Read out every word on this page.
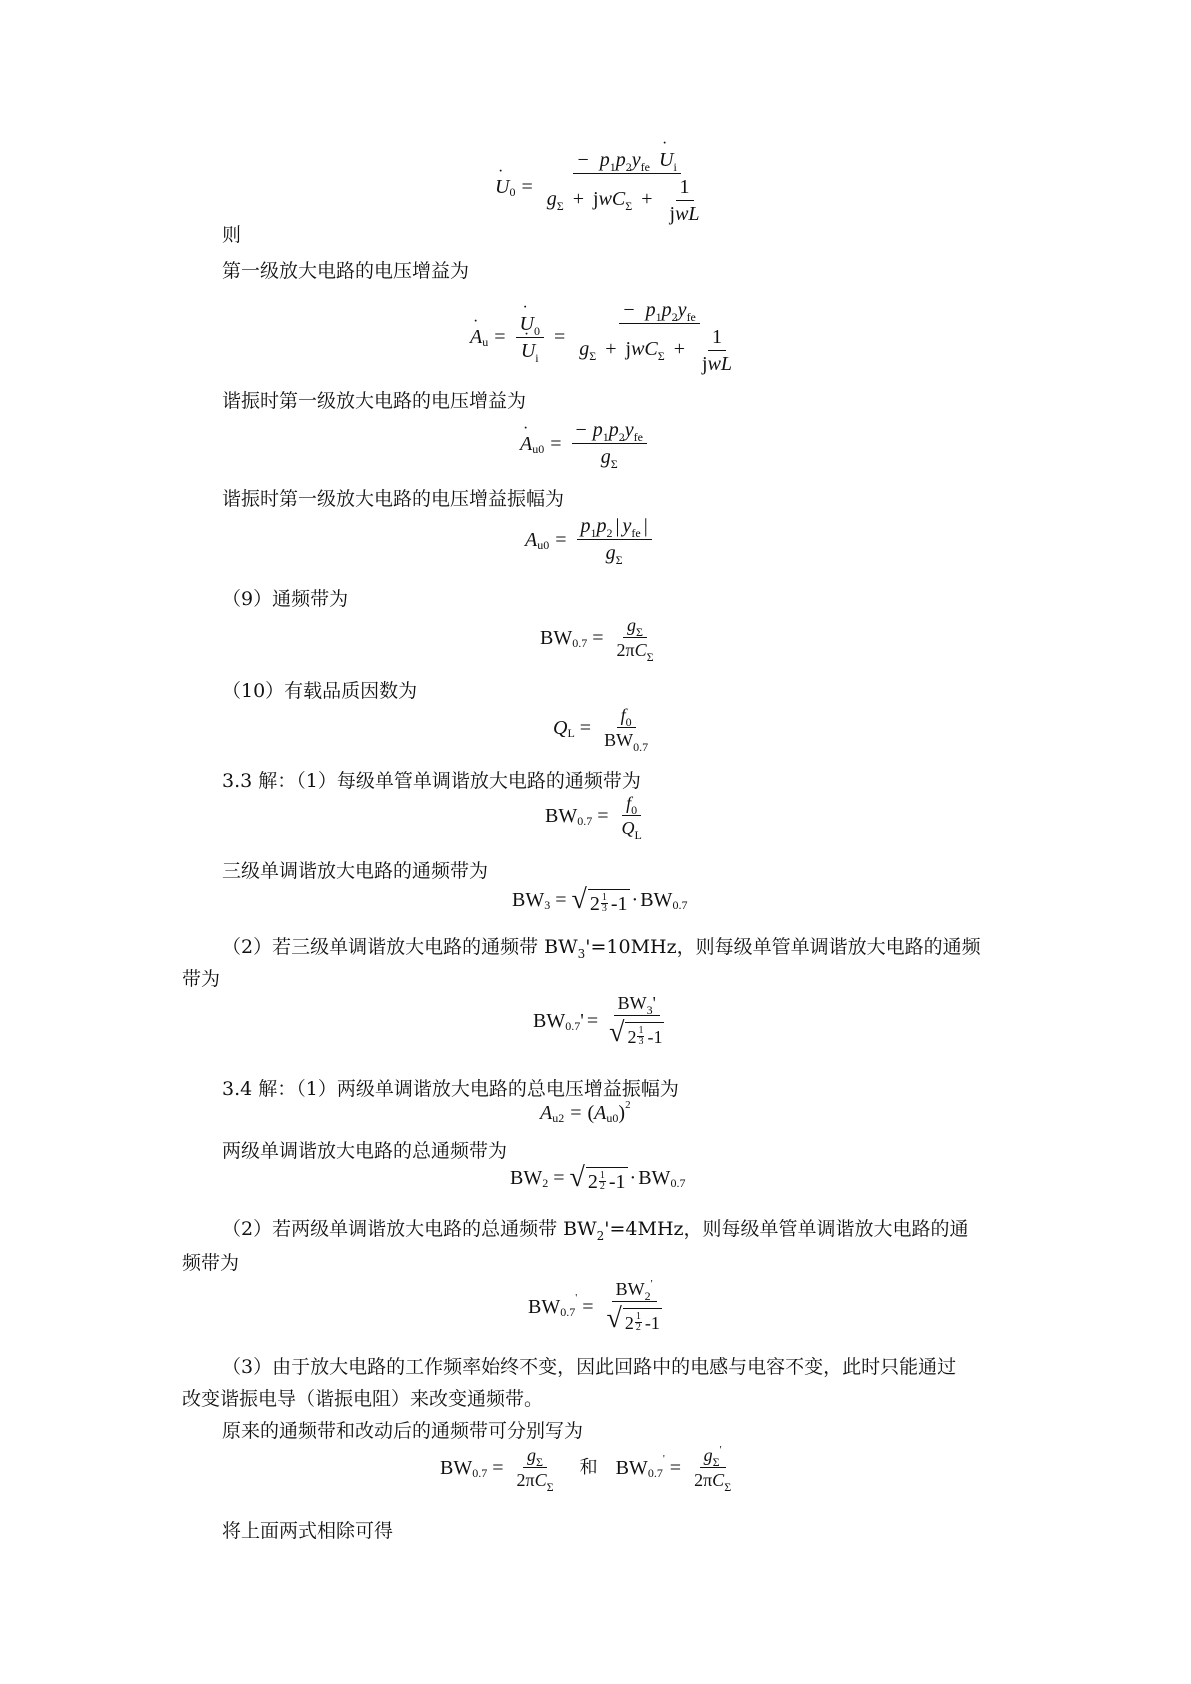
· U 0 =
− $p_1p_2y_{fe} \cdot U_i$
$g_\Sigma + jwC_\Sigma + \frac{1}{\text{jwL}}$
则
第一级放大电路的电压增益为
· A u = · $U_0$
· $U_i$ =
− $p_1p_2y_{fe}$
$g_\Sigma + jwC_\Sigma + \frac{1}{\text{jwL}}$
谐振时第一级放大电路的电压增益为
· A $u0 = \frac{- p_1p_2y_{fe}}{g_\Sigma}$
谐振时第一级放大电路的电压增益振幅为
A $u0 = \frac{p_1p_2 | y_{fe} |}{g_\Sigma}$
（9）通频带为
BW $0.7 = \frac{g_\Sigma}{2\pi C_\Sigma}$
（10）有载品质因数为
Q $L = \frac{f_0}{BW_{0.7}}$
3.3 解：（1）每级单管单调谐放大电路的通频带为
BW $0.7 = \frac{f_0}{Q_L}$
三级单调谐放大电路的通频带为
BW 3 = √ 2 1
3 -1 · BW 0.7
（2）若三级单调谐放大电路的通频带 $BW_3'=10MHz$，则每级单管单调谐放大电路的通频
带为
BW 0.7 ' = $BW_3'$
√ 2 1
3 -1
3.4 解：（1）两级单调谐放大电路的总电压增益振幅为
A u2 = ( A u0 ) 2
两级单调谐放大电路的总通频带为
BW 2 = √ 2 1
2 -1 · BW 0.7
（2）若两级单调谐放大电路的总通频带 $BW_2'=4MHz$，则每级单管单调谐放大电路的通
频带为
BW 0.7
' = $BW_2'$
√ 2 1
2 -1
（3）由于放大电路的工作频率始终不变，因此回路中的电感与电容不变，此时只能通过
改变谐振电导（谐振电阻）来改变通频带。
原来的通频带和改动后的通频带可分别写为
BW $0.7 = \frac{g_\Sigma}{2\pi C_\Sigma}$ 和 BW 0.7
' = $\frac{g_\Sigma'}{2\pi C_\Sigma}$
将上面两式相除可得
